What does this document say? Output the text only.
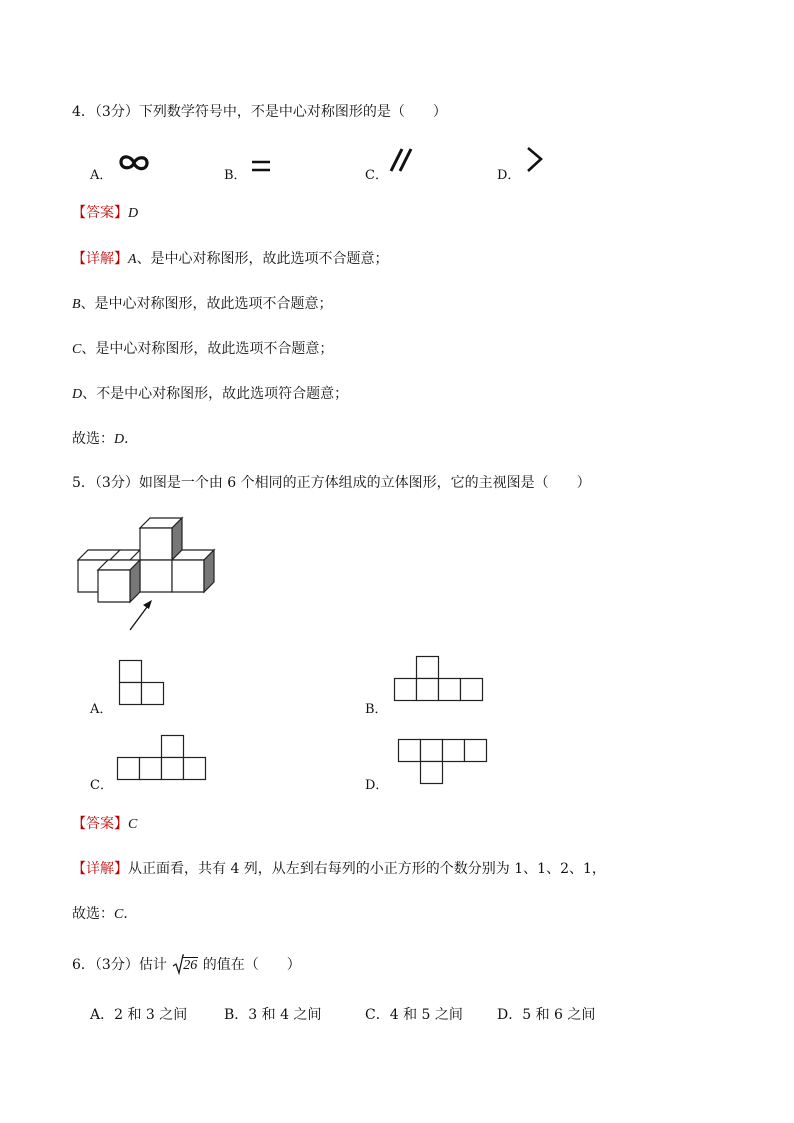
4．（3分）下列数学符号中，不是中心对称图形的是（　　）
A．	B．	C．	D．
【答案】D
【详解】A、是中心对称图形，故此选项不合题意；
B、是中心对称图形，故此选项不合题意；
C、是中心对称图形，故此选项不合题意；
D、不是中心对称图形，故此选项符合题意；
故选：D．
5．（3分）如图是一个由 6 个相同的正方体组成的立体图形，它的主视图是（　　）
A．	B．
C．	D．
【答案】C
【详解】从正面看，共有 4 列，从左到右每列的小正方形的个数分别为 1、1、2、1，
故选：C．
6．（3分）估计 26 的值在（　　）
A．2 和 3 之间	B．3 和 4 之间	C．4 和 5 之间 D．5 和 6 之间
